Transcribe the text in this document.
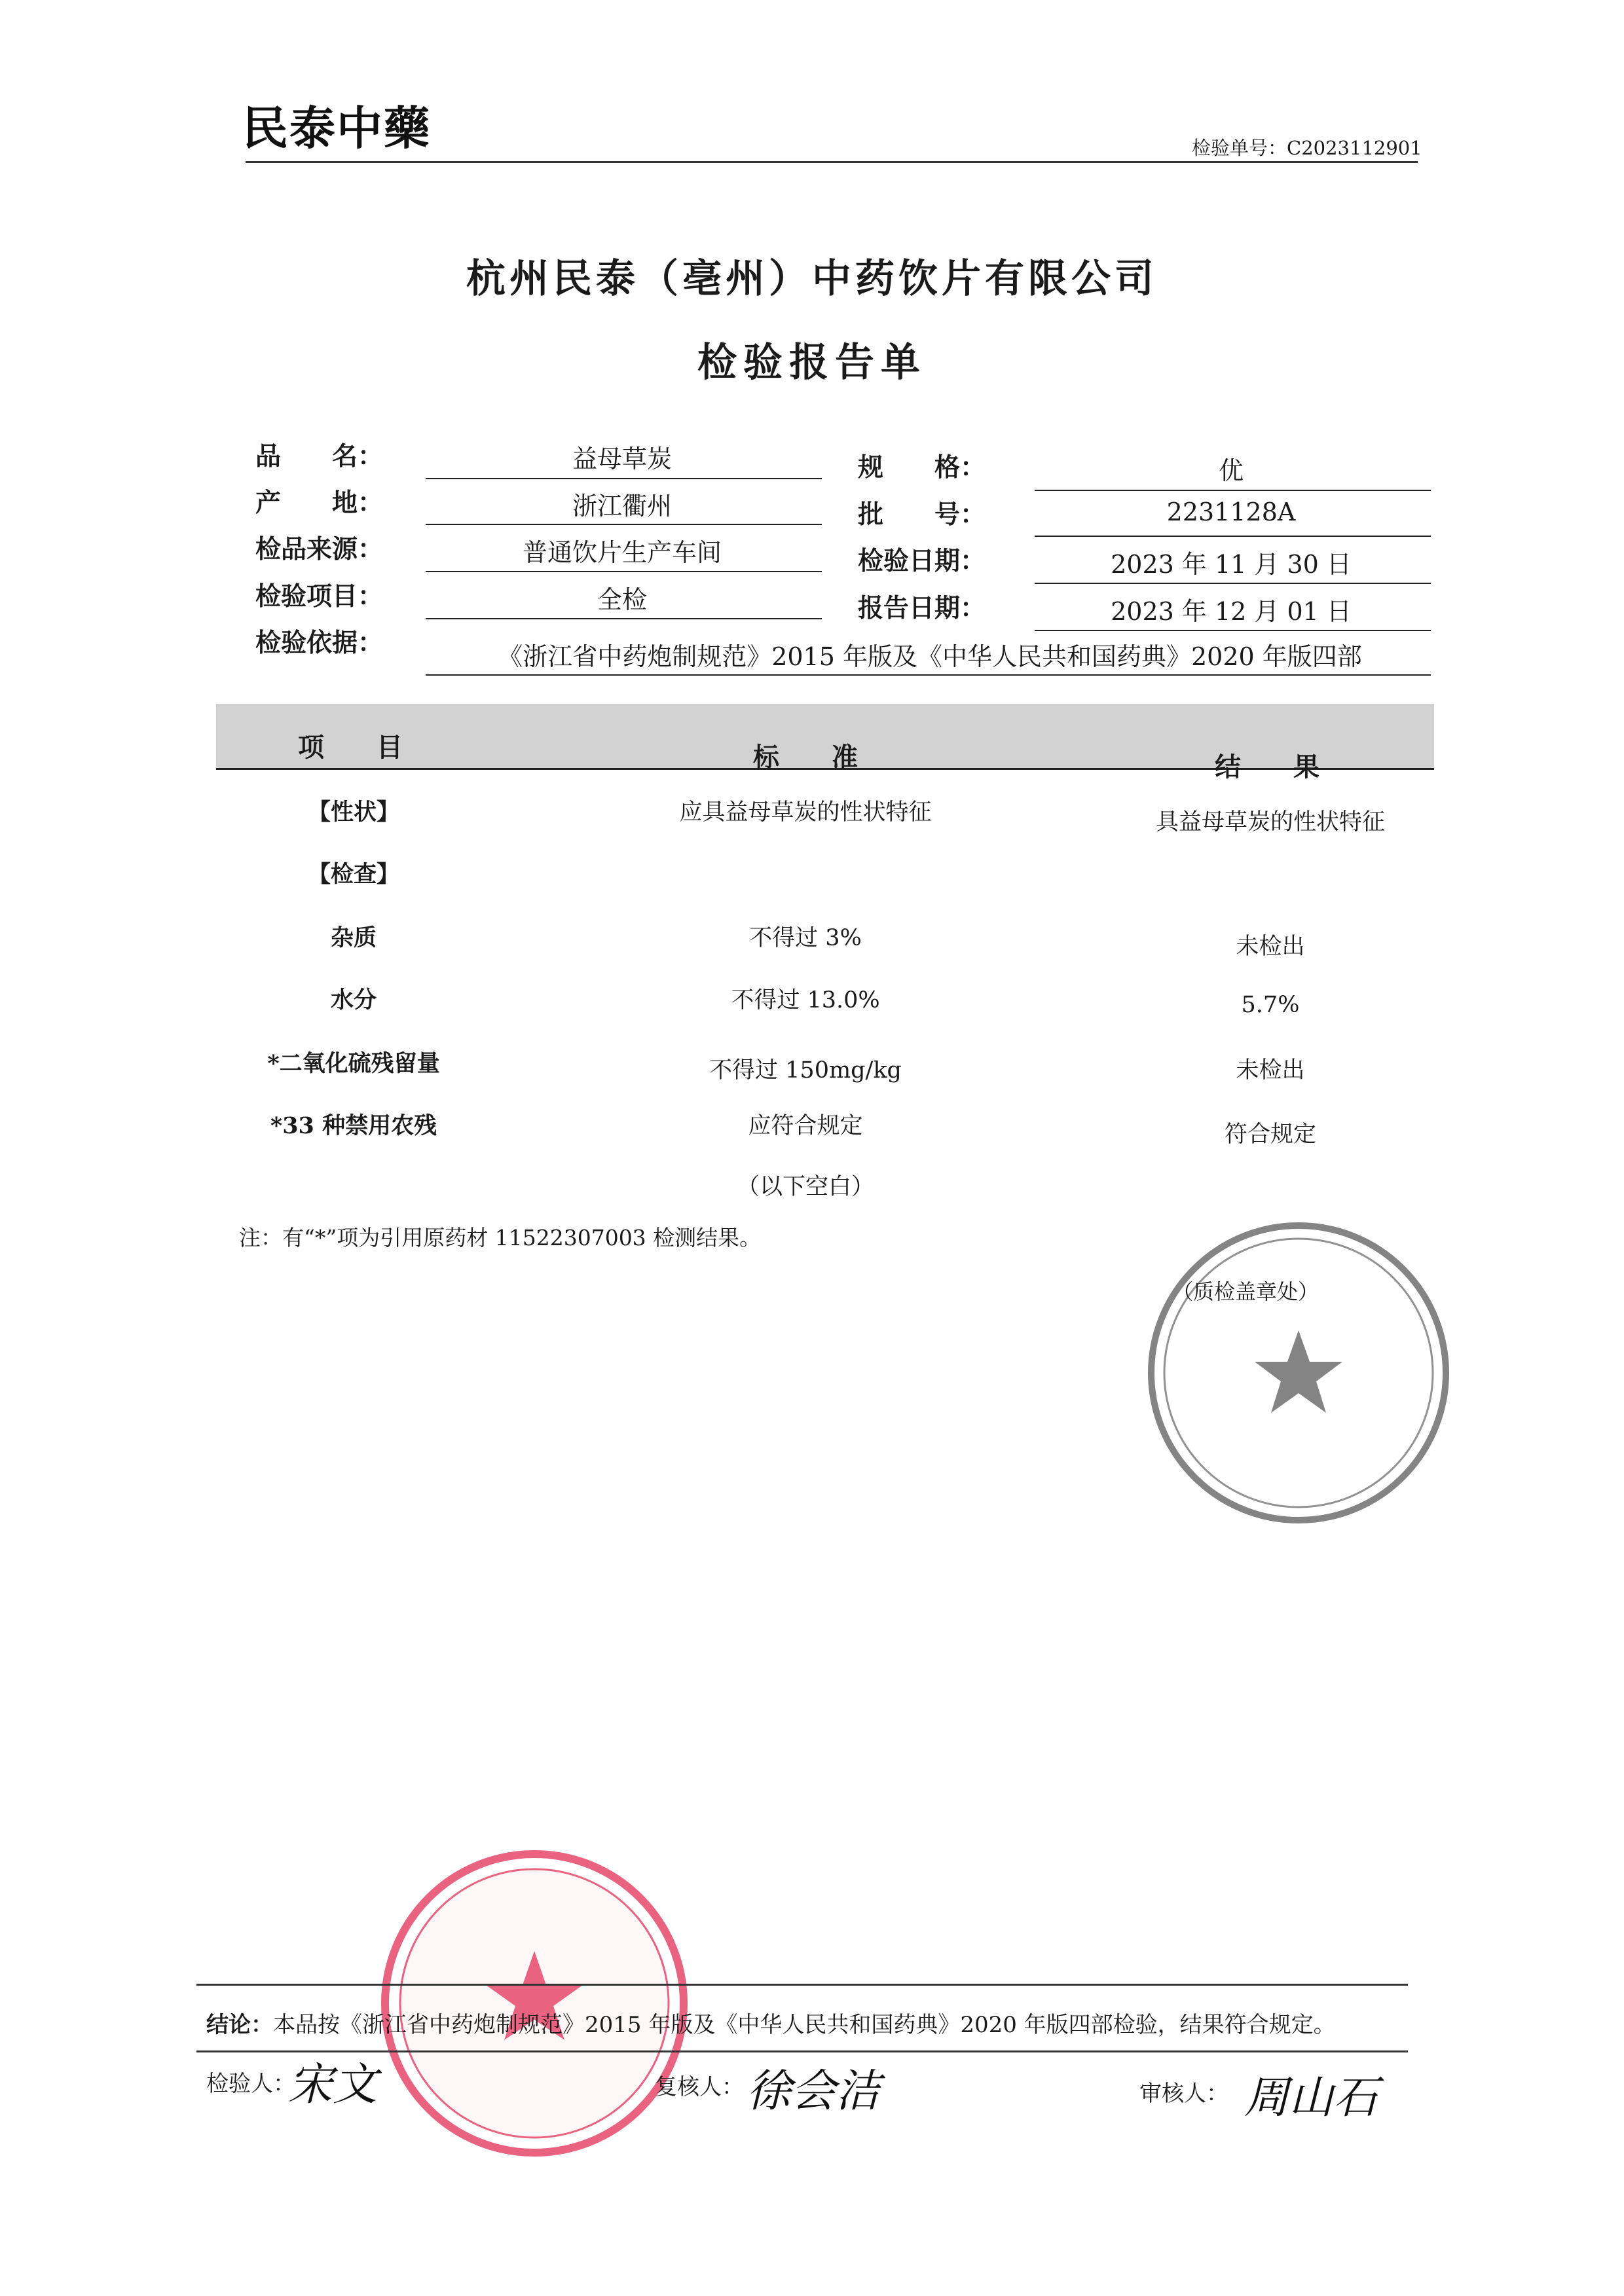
民泰中藥	检验单号：C2023112901
杭州民泰（亳州）中药饮片有限公司
检验报告单
品　　名：	益母草炭	规　　格：	优
产　　地：	浙江衢州	批　　号：	2231128A
检品来源：	普通饮片生产车间	检验日期：	2023 年 11 月 30 日
检验项目：	全检	报告日期：	2023 年 12 月 01 日
检验依据：	《浙江省中药炮制规范》2015 年版及《中华人民共和国药典》2020 年版四部
项　　目	标　　准	结　　果
【性状】	应具益母草炭的性状特征	具益母草炭的性状特征
【检查】
杂质	不得过 3%	未检出
水分	不得过 13.0%	5.7%
*二氧化硫残留量	不得过 150mg/kg	未检出
*33 种禁用农残	应符合规定	符合规定
（以下空白）
注：有“*”项为引用原药材 11522307003 检测结果。
（质检盖章处）
结论：本品按《浙江省中药炮制规范》2015 年版及《中华人民共和国药典》2020 年版四部检验，结果符合规定。
检验人：
宋文	复核人： 徐会洁	审核人： 周山石
